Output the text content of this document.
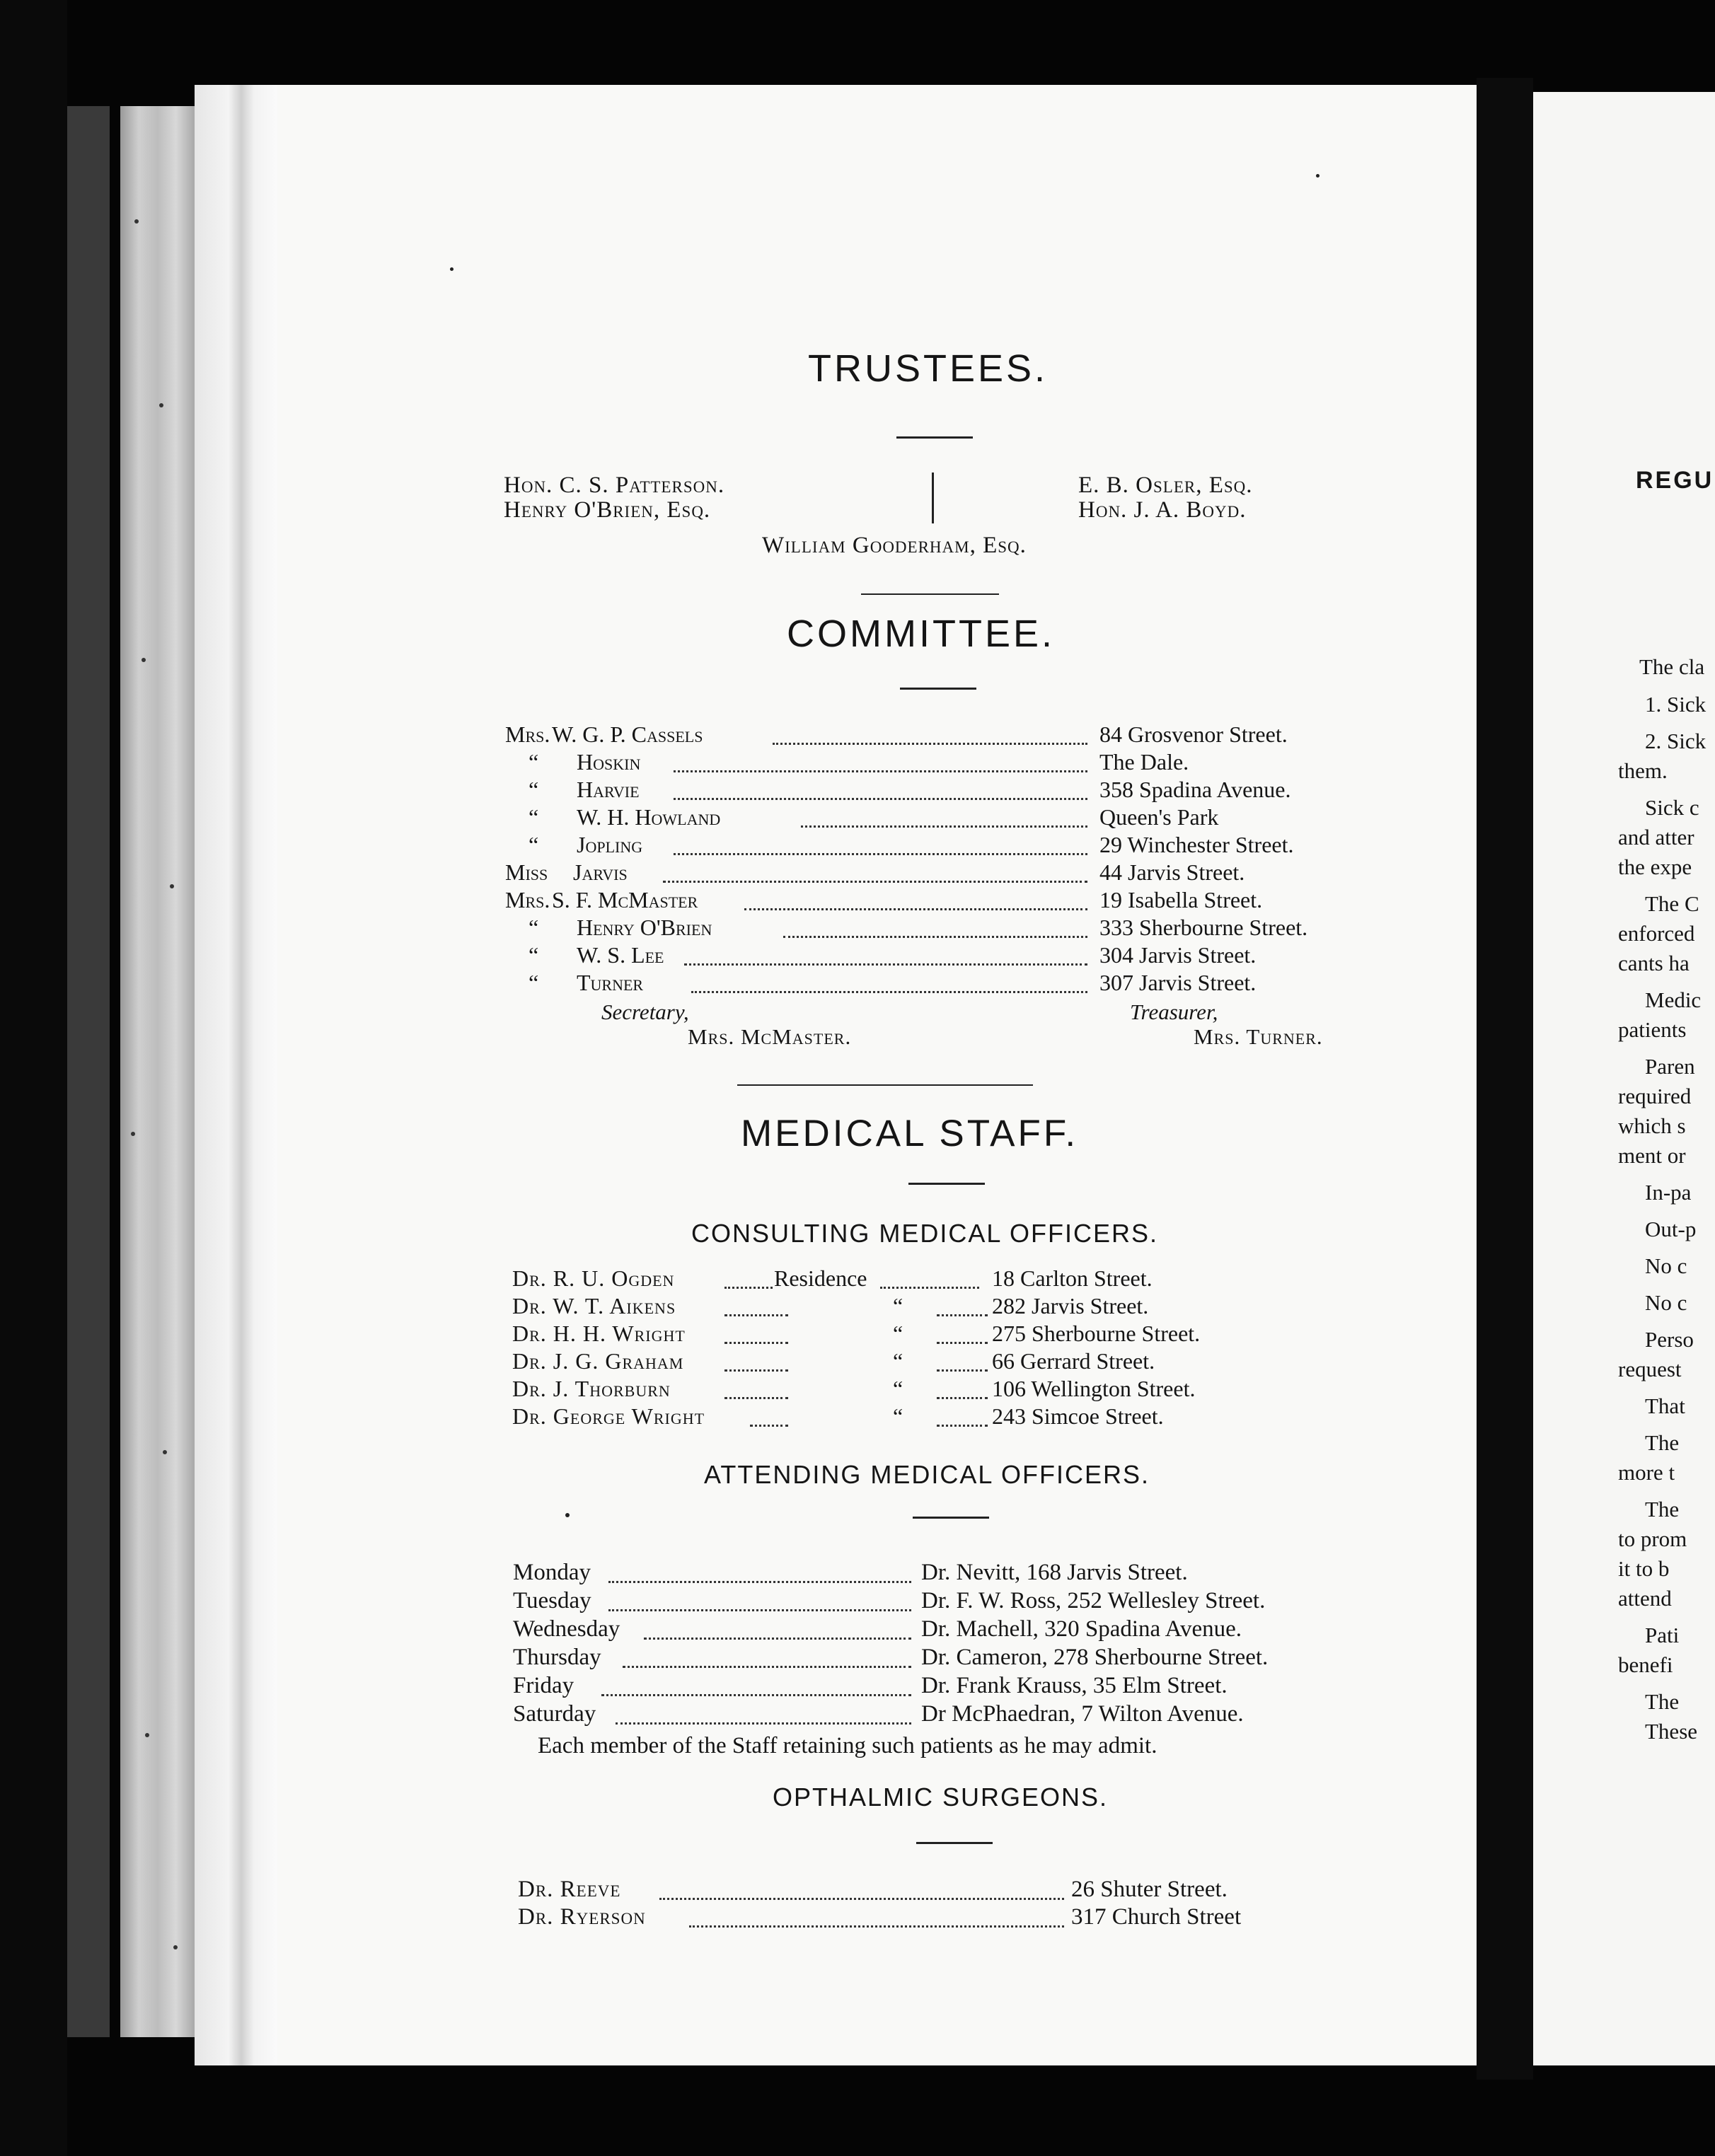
TRUSTEES.
Hon. C. S. Patterson.
Henry O'Brien, Esq.
E. B. Osler, Esq.
Hon. J. A. Boyd.
William Gooderham, Esq.
COMMITTEE.
Mrs. W. G. P. Cassels	84 Grosvenor Street.
“ Hoskin	The Dale.
“ Harvie	358 Spadina Avenue.
“ W. H. Howland	Queen's Park
“ Jopling	29 Winchester Street.
Miss Jarvis	44 Jarvis Street.
Mrs. S. F. McMaster	19 Isabella Street.
“ Henry O'Brien	333 Sherbourne Street.
“ W. S. Lee	304 Jarvis Street.
“ Turner	307 Jarvis Street.
Secretary,
Mrs. McMaster.
Treasurer,
Mrs. Turner.
MEDICAL STAFF.
CONSULTING MEDICAL OFFICERS.
Dr. R. U. Ogden	Residence	18 Carlton Street.
Dr. W. T. Aikens	“	282 Jarvis Street.
Dr. H. H. Wright	“	275 Sherbourne Street.
Dr. J. G. Graham	“	66 Gerrard Street.
Dr. J. Thorburn	“	106 Wellington Street.
Dr. George Wright	“	243 Simcoe Street.
ATTENDING MEDICAL OFFICERS.
Monday	Dr. Nevitt, 168 Jarvis Street.
Tuesday	Dr. F. W. Ross, 252 Wellesley Street.
Wednesday	Dr. Machell, 320 Spadina Avenue.
Thursday	Dr. Cameron, 278 Sherbourne Street.
Friday	Dr. Frank Krauss, 35 Elm Street.
Saturday	Dr McPhaedran, 7 Wilton Avenue.
Each member of the Staff retaining such patients as he may admit.
OPTHALMIC SURGEONS.
Dr. Reeve	26 Shuter Street.
Dr. Ryerson	317 Church Street
REGU
The cla
1. Sick
2. Sick
them.
Sick c
and atter
the expe
The C
enforced
cants ha
Medic
patients
Paren
required
which s
ment or
In-pa
Out-p
No c
No c
Perso
request
That
The
more t
The
to prom
it to b
attend
Pati
benefi
The
These
